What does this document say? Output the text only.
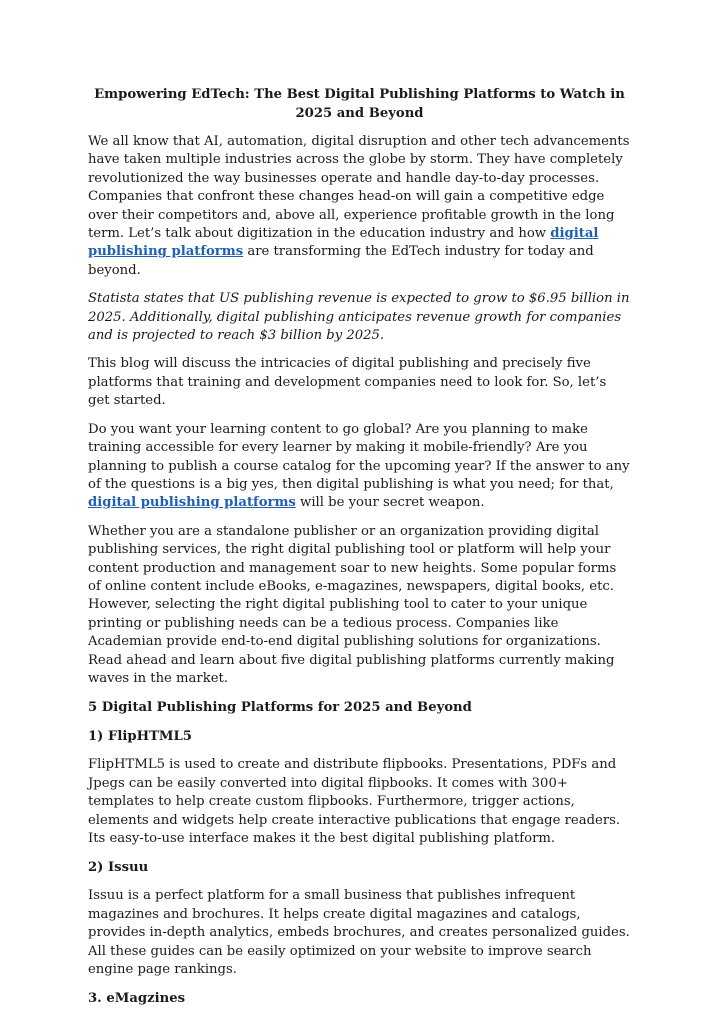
Empowering EdTech: The Best Digital Publishing Platforms to Watch in 2025 and Beyond

We all know that AI, automation, digital disruption and other tech advancements have taken multiple industries across the globe by storm. They have completely revolutionized the way businesses operate and handle day-to-day processes. Companies that confront these changes head-on will gain a competitive edge over their competitors and, above all, experience profitable growth in the long term. Let’s talk about digitization in the education industry and how digital publishing platforms are transforming the EdTech industry for today and beyond.

Statista states that US publishing revenue is expected to grow to $6.95 billion in 2025. Additionally, digital publishing anticipates revenue growth for companies and is projected to reach $3 billion by 2025.

This blog will discuss the intricacies of digital publishing and precisely five platforms that training and development companies need to look for. So, let’s get started.

Do you want your learning content to go global? Are you planning to make training accessible for every learner by making it mobile-friendly? Are you planning to publish a course catalog for the upcoming year? If the answer to any of the questions is a big yes, then digital publishing is what you need; for that, digital publishing platforms will be your secret weapon.

Whether you are a standalone publisher or an organization providing digital publishing services, the right digital publishing tool or platform will help your content production and management soar to new heights. Some popular forms of online content include eBooks, e-magazines, newspapers, digital books, etc. However, selecting the right digital publishing tool to cater to your unique printing or publishing needs can be a tedious process. Companies like Academian provide end-to-end digital publishing solutions for organizations. Read ahead and learn about five digital publishing platforms currently making waves in the market.

5 Digital Publishing Platforms for 2025 and Beyond
1) FlipHTML5

FlipHTML5 is used to create and distribute flipbooks. Presentations, PDFs and Jpegs can be easily converted into digital flipbooks. It comes with 300+ templates to help create custom flipbooks. Furthermore, trigger actions, elements and widgets help create interactive publications that engage readers. Its easy-to-use interface makes it the best digital publishing platform.

2) Issuu

Issuu is a perfect platform for a small business that publishes infrequent magazines and brochures. It helps create digital magazines and catalogs, provides in-depth analytics, embeds brochures, and creates personalized guides. All these guides can be easily optimized on your website to improve search engine page rankings.

3. eMagzines
